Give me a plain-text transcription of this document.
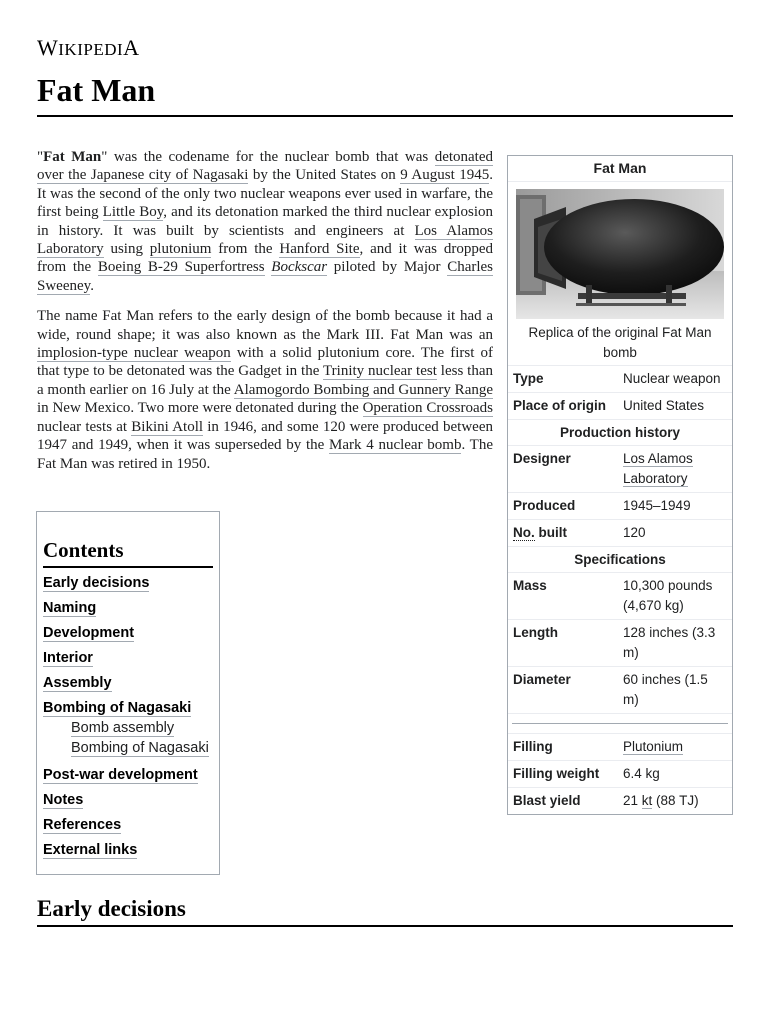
WIKIPEDIA
Fat Man

"Fat Man" was the codename for the nuclear bomb that was detonated over the Japanese city of Nagasaki by the United States on 9 August 1945. It was the second of the only two nuclear weapons ever used in warfare, the first being Little Boy, and its detonation marked the third nuclear explosion in history. It was built by scientists and engineers at Los Alamos Laboratory using plutonium from the Hanford Site, and it was dropped from the Boeing B-29 Superfortress Bockscar piloted by Major Charles Sweeney.

The name Fat Man refers to the early design of the bomb because it had a wide, round shape; it was also known as the Mark III. Fat Man was an implosion-type nuclear weapon with a solid plutonium core. The first of that type to be detonated was the Gadget in the Trinity nuclear test less than a month earlier on 16 July at the Alamogordo Bombing and Gunnery Range in New Mexico. Two more were detonated during the Operation Crossroads nuclear tests at Bikini Atoll in 1946, and some 120 were produced between 1947 and 1949, when it was superseded by the Mark 4 nuclear bomb. The Fat Man was retired in 1950.

Fat Man
Replica of the original Fat Man bomb
Type	Nuclear weapon
Place of origin	United States
Production history
Designer	Los Alamos Laboratory
Produced	1945–1949
No. built	120
Specifications
Mass	10,300 pounds (4,670 kg)
Length	128 inches (3.3 m)
Diameter	60 inches (1.5 m)
Filling	Plutonium
Filling weight	6.4 kg
Blast yield	21 kt (88 TJ)
Contents
Early decisions
Naming
Development
Interior
Assembly
Bombing of Nagasaki
Bomb assembly
Bombing of Nagasaki
Post-war development
Notes
References
External links
Early decisions
